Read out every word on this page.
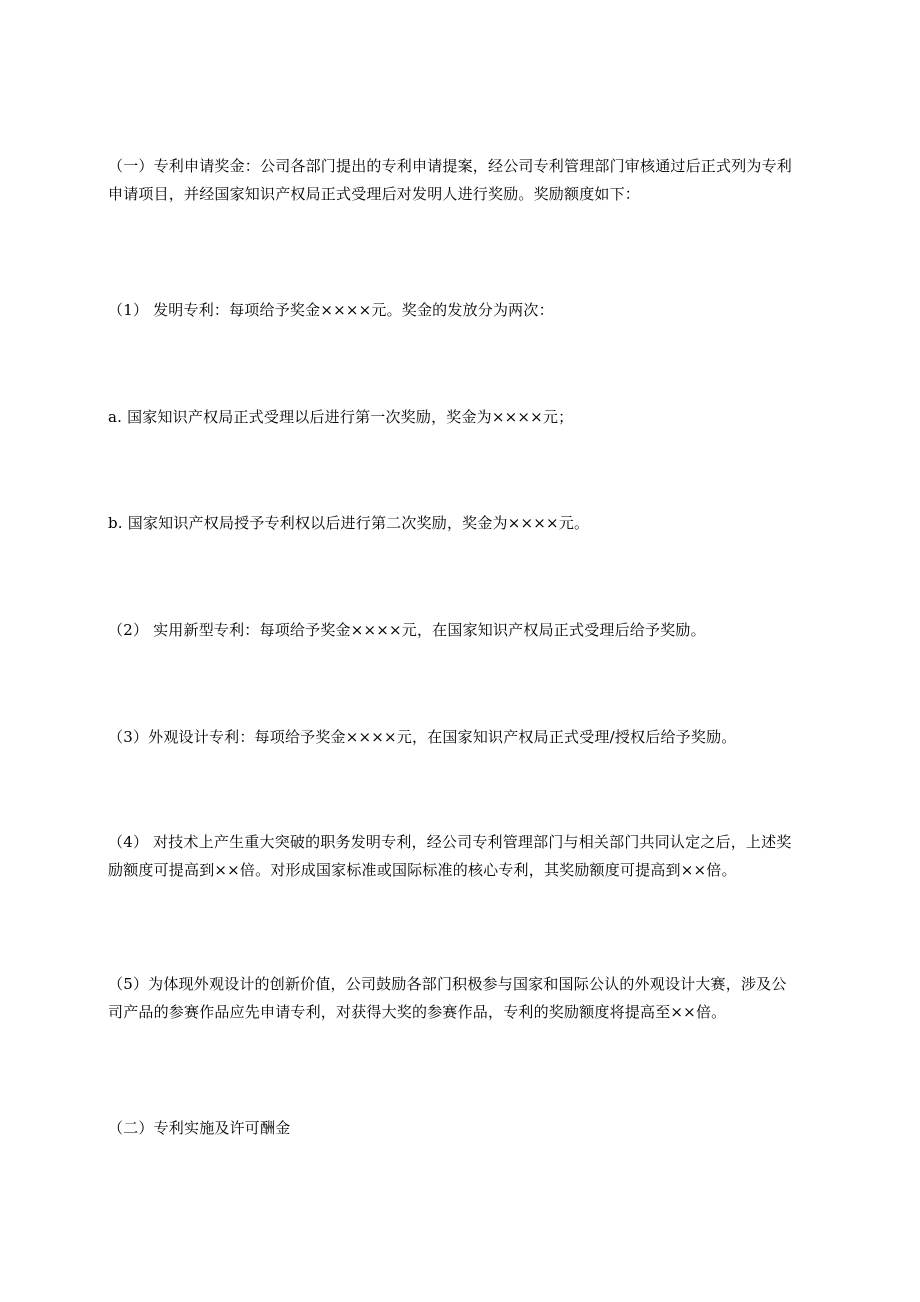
（一）专利申请奖金：公司各部门提出的专利申请提案，经公司专利管理部门审核通过后正式列为专利
申请项目，并经国家知识产权局正式受理后对发明人进行奖励。奖励额度如下：

（1） 发明专利：每项给予奖金××××元。奖金的发放分为两次：

a. 国家知识产权局正式受理以后进行第一次奖励，奖金为××××元；

b. 国家知识产权局授予专利权以后进行第二次奖励，奖金为××××元。

（2） 实用新型专利：每项给予奖金××××元，在国家知识产权局正式受理后给予奖励。

（3）外观设计专利：每项给予奖金××××元，在国家知识产权局正式受理/授权后给予奖励。

（4） 对技术上产生重大突破的职务发明专利，经公司专利管理部门与相关部门共同认定之后，上述奖
励额度可提高到××倍。对形成国家标准或国际标准的核心专利，其奖励额度可提高到××倍。

（5）为体现外观设计的创新价值，公司鼓励各部门积极参与国家和国际公认的外观设计大赛，涉及公
司产品的参赛作品应先申请专利，对获得大奖的参赛作品，专利的奖励额度将提高至××倍。

（二）专利实施及许可酬金
